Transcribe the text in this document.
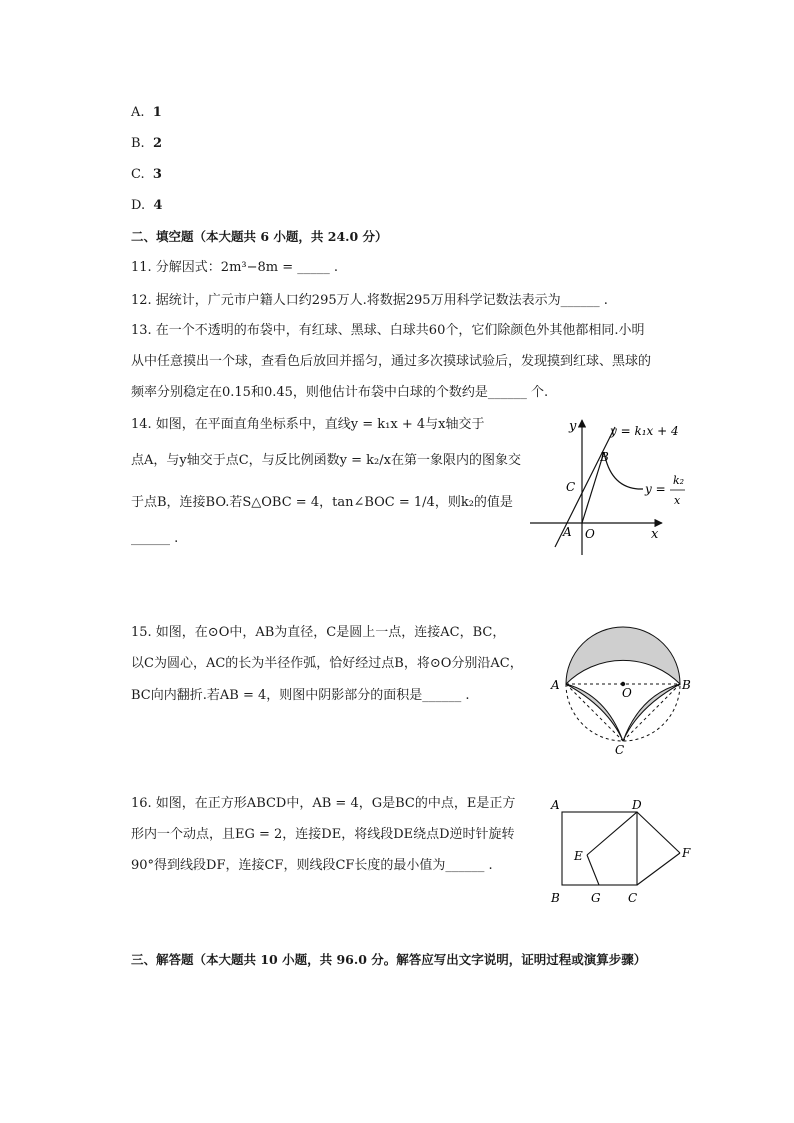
A. 1
B. 2
C. 3
D. 4
二、填空题（本大题共 6 小题，共 24.0 分）
11. 分解因式：2m³−8m = _____ .
12. 据统计，广元市户籍人口约295万人.将数据295万用科学记数法表示为______ .
13. 在一个不透明的布袋中，有红球、黑球、白球共60个，它们除颜色外其他都相同.小明
从中任意摸出一个球，查看色后放回并摇匀，通过多次摸球试验后，发现摸到红球、黑球的
频率分别稳定在0.15和0.45，则他估计布袋中白球的个数约是______ 个.
14. 如图，在平面直角坐标系中，直线y = k₁x + 4与x轴交于
点A，与y轴交于点C，与反比例函数y = k₂/x在第一象限内的图象交
于点B，连接BO.若S△OBC = 4，tan∠BOC = 1/4，则k₂的值是
______ .
y
x
O
A
C
B
y = k₁x + 4
y =
k₂
x
15. 如图，在⊙O中，AB为直径，C是圆上一点，连接AC，BC，
以C为圆心，AC的长为半径作弧，恰好经过点B，将⊙O分别沿AC，
BC向内翻折.若AB = 4，则图中阴影部分的面积是______ .
A	B
C
O
16. 如图，在正方形ABCD中，AB = 4，G是BC的中点，E是正方
形内一个动点，且EG = 2，连接DE，将线段DE绕点D逆时针旋转
90°得到线段DF，连接CF，则线段CF长度的最小值为______ .
A	D
B	G C
E	F
三、解答题（本大题共 10 小题，共 96.0 分。解答应写出文字说明，证明过程或演算步骤）
